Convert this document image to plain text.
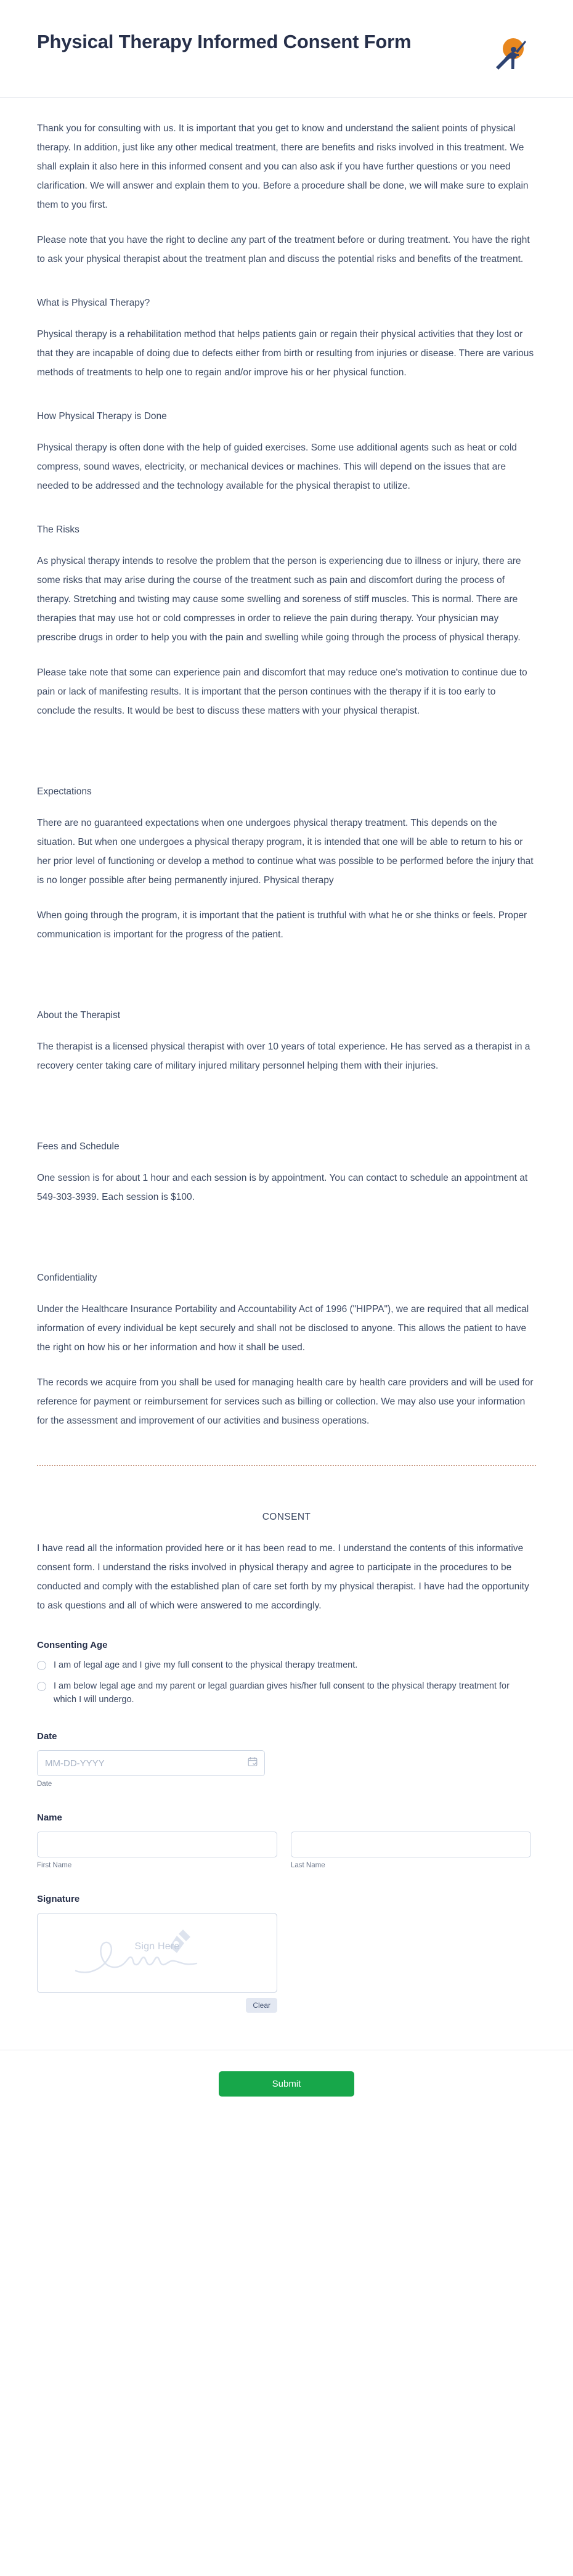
Physical Therapy Informed Consent Form

Thank you for consulting with us. It is important that you get to know and understand the salient points of physical therapy. In addition, just like any other medical treatment, there are benefits and risks involved in this treatment. We shall explain it also here in this informed consent and you can also ask if you have further questions or you need clarification. We will answer and explain them to you. Before a procedure shall be done, we will make sure to explain them to you first.

Please note that you have the right to decline any part of the treatment before or during treatment. You have the right to ask your physical therapist about the treatment plan and discuss the potential risks and benefits of the treatment.

What is Physical Therapy?

Physical therapy is a rehabilitation method that helps patients gain or regain their physical activities that they lost or that they are incapable of doing due to defects either from birth or resulting from injuries or disease. There are various methods of treatments to help one to regain and/or improve his or her physical function.

How Physical Therapy is Done

Physical therapy is often done with the help of guided exercises. Some use additional agents such as heat or cold compress, sound waves, electricity, or mechanical devices or machines. This will depend on the issues that are needed to be addressed and the technology available for the physical therapist to utilize.

The Risks

As physical therapy intends to resolve the problem that the person is experiencing due to illness or injury, there are some risks that may arise during the course of the treatment such as pain and discomfort during the process of therapy. Stretching and twisting may cause some swelling and soreness of stiff muscles. This is normal. There are therapies that may use hot or cold compresses in order to relieve the pain during therapy. Your physician may prescribe drugs in order to help you with the pain and swelling while going through the process of physical therapy.

Please take note that some can experience pain and discomfort that may reduce one's motivation to continue due to pain or lack of manifesting results. It is important that the person continues with the therapy if it is too early to conclude the results. It would be best to discuss these matters with your physical therapist.

Expectations

There are no guaranteed expectations when one undergoes physical therapy treatment. This depends on the situation. But when one undergoes a physical therapy program, it is intended that one will be able to return to his or her prior level of functioning or develop a method to continue what was possible to be performed before the injury that is no longer possible after being permanently injured. Physical therapy

When going through the program, it is important that the patient is truthful with what he or she thinks or feels. Proper communication is important for the progress of the patient.

About the Therapist

The therapist is a licensed physical therapist with over 10 years of total experience. He has served as a therapist in a recovery center taking care of military injured military personnel helping them with their injuries.

Fees and Schedule

One session is for about 1 hour and each session is by appointment. You can contact to schedule an appointment at 549-303-3939. Each session is $100.

Confidentiality

Under the Healthcare Insurance Portability and Accountability Act of 1996 ("HIPPA"), we are required that all medical information of every individual be kept securely and shall not be disclosed to anyone. This allows the patient to have the right on how his or her information and how it shall be used.

The records we acquire from you shall be used for managing health care by health care providers and will be used for reference for payment or reimbursement for services such as billing or collection. We may also use your information for the assessment and improvement of our activities and business operations.

CONSENT

I have read all the information provided here or it has been read to me. I understand the contents of this informative consent form. I understand the risks involved in physical therapy and agree to participate in the procedures to be conducted and comply with the established plan of care set forth by my physical therapist. I have had the opportunity to ask questions and all of which were answered to me accordingly.

Consenting Age
I am of legal age and I give my full consent to the physical therapy treatment.
I am below legal age and my parent or legal guardian gives his/her full consent to the physical therapy treatment for which I will undergo.
Date
MM-DD-YYYY
Date
Name
First Name	Last Name
Signature
Sign Here
Clear
Submit
